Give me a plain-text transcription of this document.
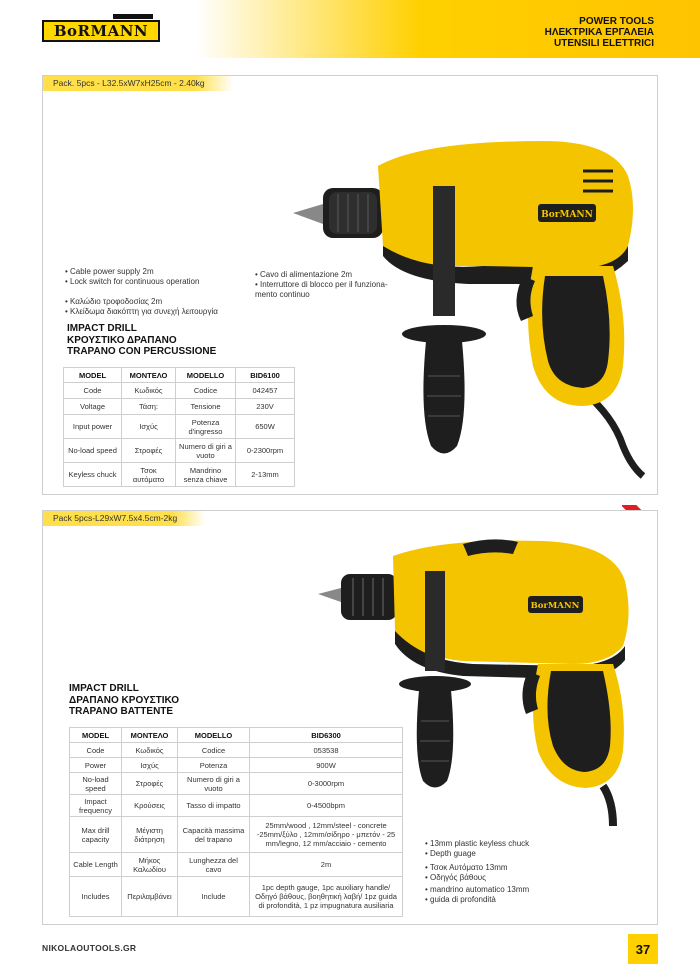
BoRMANN
POWER TOOLS
ΗΛΕΚΤΡΙΚΑ ΕΡΓΑΛΕΙΑ
UTENSILI ELETTRICI
Pack. 5pcs - L32.5xW7xH25cm - 2.40kg
• Cable power supply 2m
• Lock switch for continuous operation
• Καλώδιο τροφοδοσίας 2m
• Κλείδωμα διακόπτη για συνεχή λειτουργία
• Cavo di alimentazione 2m
• Interruttore di blocco per il funziona- mento continuo
IMPACT DRILL
ΚΡΟΥΣΤΙΚΟ ΔΡΑΠΑΝΟ
TRAPANO CON PERCUSSIONE
MODEL	ΜΟΝΤΕΛΟ	MODELLO	BID6100
Code	Κωδικός	Codice	042457
Voltage	Τάση:	Tensione	230V
Input power	Ισχύς	Potenza d'ingresso	650W
No-load speed	Στροφές	Numero di giri a vuoto	0-2300rpm
Keyless chuck	Τσοκ αυτόματο	Mandrino senza chiave	2-13mm
BorMANN
Pack 5pcs-L29xW7.5x4.5cm-2kg
IMPACT DRILL
ΔΡΑΠΑΝΟ ΚΡΟΥΣΤΙΚΟ
TRAPANO BATTENTE
MODEL	ΜΟΝΤΕΛΟ	MODELLO	BID6300
Code	Κωδικός	Codice	053538
Power	Ισχύς	Potenza	900W
No-load speed	Στροφές	Numero di giri a vuoto	0-3000rpm
Impact frequency	Κρούσεις	Tasso di impatto	0-4500bpm
Max drill capacity	Μέγιστη διάτρηση	Capacità massima del trapano	25mm/wood , 12mm/steel - concrete -25mm/ξύλο , 12mm/σίδηρο - μπετόν - 25 mm/legno, 12 mm/acciaio - cemento
Cable Length	Μήκος Καλωδίου	Lunghezza del cavo	2m
Includes	Περιλαμβάνει	Include	1pc depth gauge, 1pc auxiliary handle/ Οδηγό βάθους, βοηθητική λαβή/ 1pz guida di profondità, 1 pz impugnatura ausiliaria
• 13mm plastic keyless chuck
• Depth guage
• Τσοκ Αυτόματο 13mm
• Οδηγός βάθους
• mandrino automatico 13mm
• guida di profondità
BorMANN
NIKOLAOUTOOLS.GR	37
